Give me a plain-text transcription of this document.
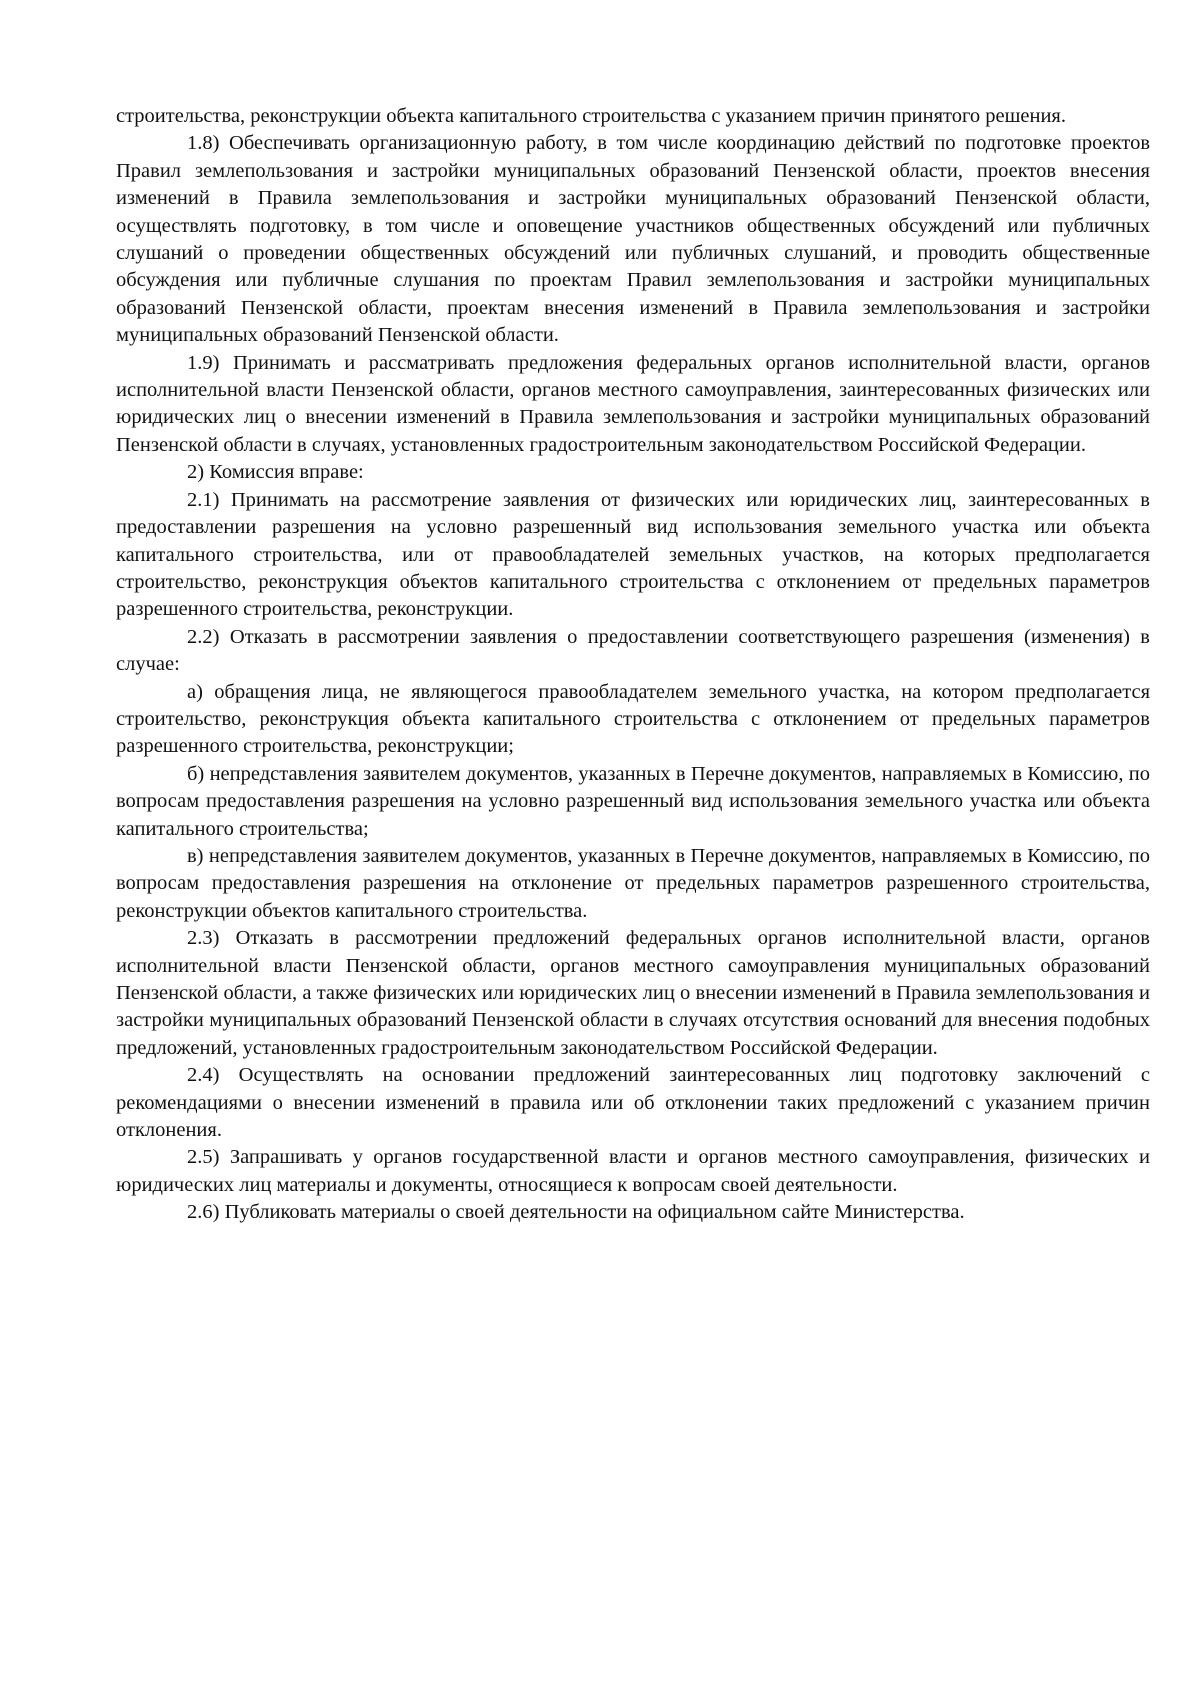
строительства, реконструкции объекта капитального строительства с указанием причин принятого решения.

1.8) Обеспечивать организационную работу, в том числе координацию действий по подготовке проектов Правил землепользования и застройки муниципальных образований Пензенской области, проектов внесения изменений в Правила землепользования и застройки муниципальных образований Пензенской области, осуществлять подготовку, в том числе и оповещение участников общественных обсуждений или публичных слушаний о проведении общественных обсуждений или публичных слушаний, и проводить общественные обсуждения или публичные слушания по проектам Правил землепользования и застройки муниципальных образований Пензенской области, проектам внесения изменений в Правила землепользования и застройки муниципальных образований Пензенской области.

1.9) Принимать и рассматривать предложения федеральных органов исполнительной власти, органов исполнительной власти Пензенской области, органов местного самоуправления, заинтересованных физических или юридических лиц о внесении изменений в Правила землепользования и застройки муниципальных образований Пензенской области в случаях, установленных градостроительным законодательством Российской Федерации.

2) Комиссия вправе:

2.1) Принимать на рассмотрение заявления от физических или юридических лиц, заинтересованных в предоставлении разрешения на условно разрешенный вид использования земельного участка или объекта капитального строительства, или от правообладателей земельных участков, на которых предполагается строительство, реконструкция объектов капитального строительства с отклонением от предельных параметров разрешенного строительства, реконструкции.

2.2) Отказать в рассмотрении заявления о предоставлении соответствующего разрешения (изменения) в случае:

а) обращения лица, не являющегося правообладателем земельного участка, на котором предполагается строительство, реконструкция объекта капитального строительства с отклонением от предельных параметров разрешенного строительства, реконструкции;

б) непредставления заявителем документов, указанных в Перечне документов, направляемых в Комиссию, по вопросам предоставления разрешения на условно разрешенный вид использования земельного участка или объекта капитального строительства;

в) непредставления заявителем документов, указанных в Перечне документов, направляемых в Комиссию, по вопросам предоставления разрешения на отклонение от предельных параметров разрешенного строительства, реконструкции объектов капитального строительства.

2.3) Отказать в рассмотрении предложений федеральных органов исполнительной власти, органов исполнительной власти Пензенской области, органов местного самоуправления муниципальных образований Пензенской области, а также физических или юридических лиц о внесении изменений в Правила землепользования и застройки муниципальных образований Пензенской области в случаях отсутствия оснований для внесения подобных предложений, установленных градостроительным законодательством Российской Федерации.

2.4) Осуществлять на основании предложений заинтересованных лиц подготовку заключений с рекомендациями о внесении изменений в правила или об отклонении таких предложений с указанием причин отклонения.

2.5) Запрашивать у органов государственной власти и органов местного самоуправления, физических и юридических лиц материалы и документы, относящиеся к вопросам своей деятельности.

2.6) Публиковать материалы о своей деятельности на официальном сайте Министерства.
